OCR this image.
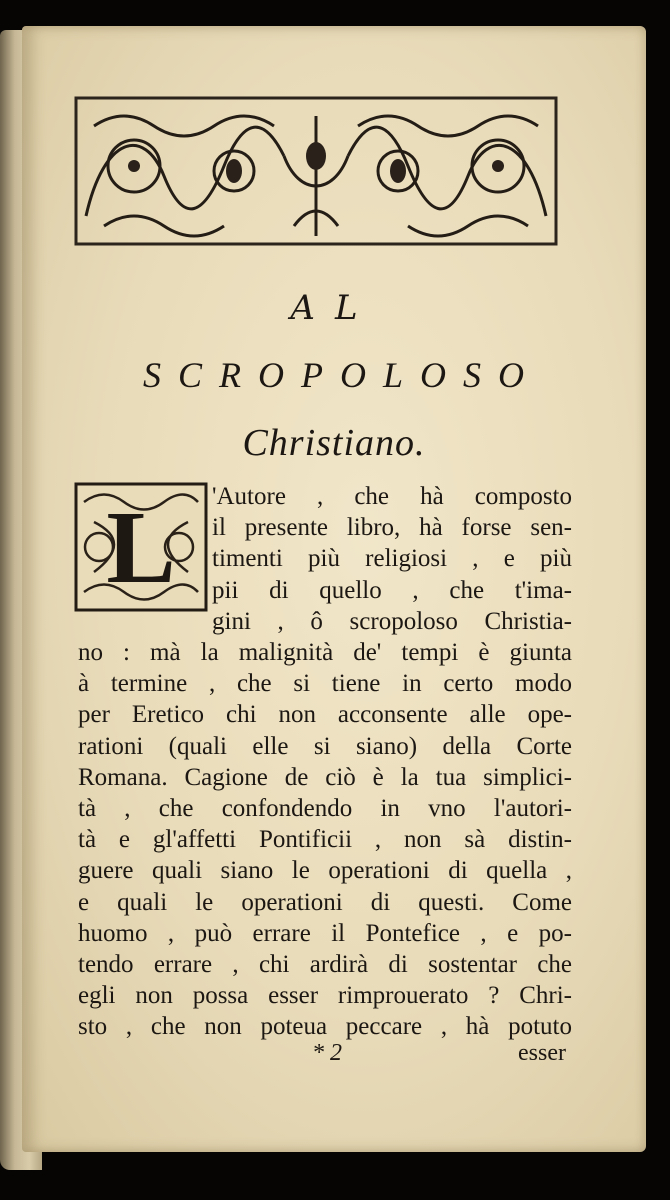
AL
SCROPOLOSO
Christiano.
L 'Autore , che hà composto
il presente libro, hà forse sen-
timenti più religiosi , e più
pii di quello , che t'ima-
gini , ô scropoloso Christia-
no : mà la malignità de' tempi è giunta
à termine , che si tiene in certo modo
per Eretico chi non acconsente alle ope-
rationi (quali elle si siano) della Corte
Romana. Cagione de ciò è la tua simplici-
tà , che confondendo in vno l'autori-
tà e gl'affetti Pontificii , non sà distin-
guere quali siano le operationi di quella ,
e quali le operationi di questi. Come
huomo , può errare il Pontefice , e po-
tendo errare , chi ardirà di sostentar che
egli non possa esser rimprouerato ? Chri-
sto , che non poteua peccare , hà potuto
* 2	esser
